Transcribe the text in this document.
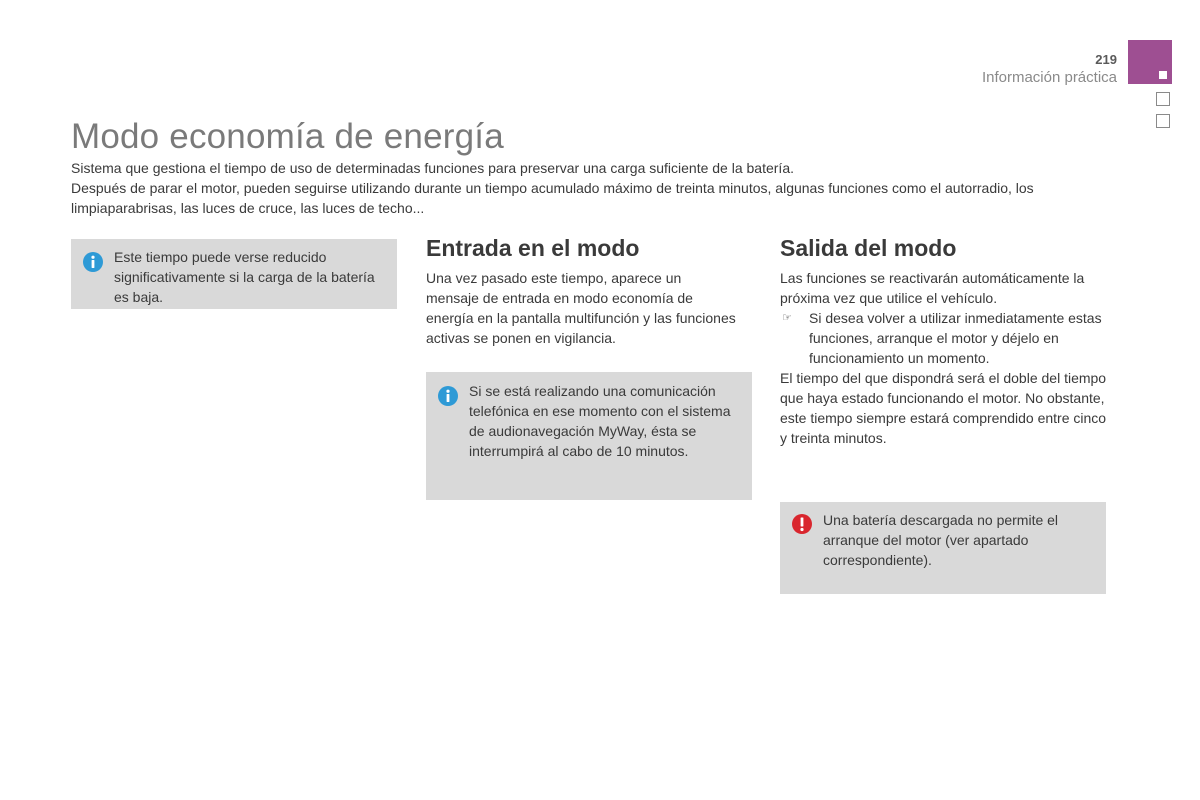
219
Información práctica
Modo economía de energía

Sistema que gestiona el tiempo de uso de determinadas funciones para preservar una carga suficiente de la batería.

Después de parar el motor, pueden seguirse utilizando durante un tiempo acumulado máximo de treinta minutos, algunas funciones como el autorradio, los limpiaparabrisas, las luces de cruce, las luces de techo...

Este tiempo puede verse reducido significativamente si la carga de la batería es baja.
Entrada en el modo
Una vez pasado este tiempo, aparece un mensaje de entrada en modo economía de energía en la pantalla multifunción y las funciones activas se ponen en vigilancia.
Si se está realizando una comunicación telefónica en ese momento con el sistema de audionavegación MyWay, ésta se interrumpirá al cabo de 10 minutos.
Salida del modo

Las funciones se reactivarán automáticamente la próxima vez que utilice el vehículo.

☞	Si desea volver a utilizar inmediatamente estas funciones, arranque el motor y déjelo en funcionamiento un momento.

El tiempo del que dispondrá será el doble del tiempo que haya estado funcionando el motor. No obstante, este tiempo siempre estará comprendido entre cinco y treinta minutos.

Una batería descargada no permite el arranque del motor (ver apartado correspondiente).
